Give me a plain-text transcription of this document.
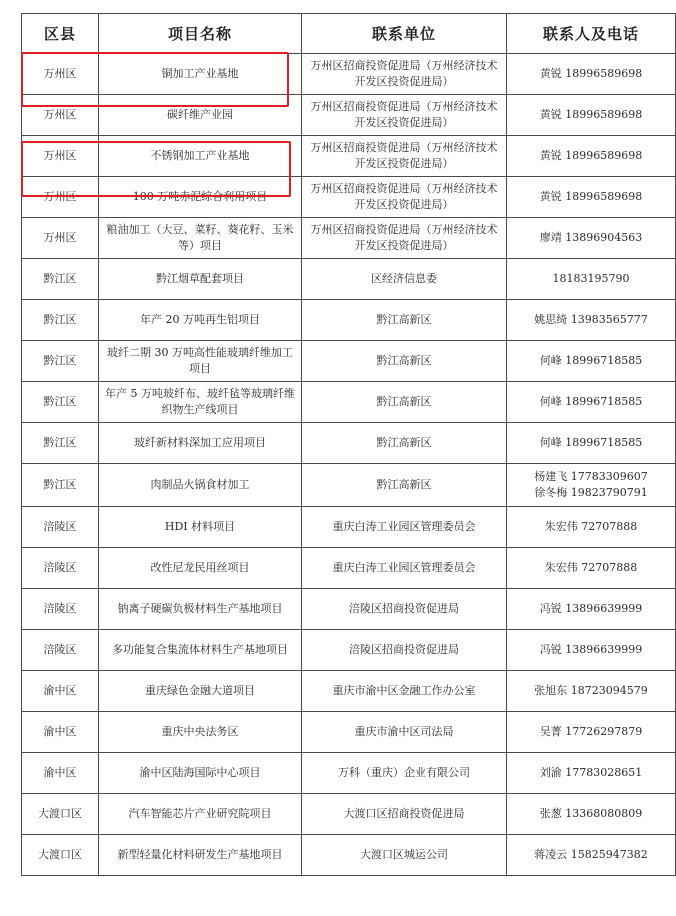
区县	项目名称	联系单位	联系人及电话
万州区	铜加工产业基地	万州区招商投资促进局（万州经济技术开发区投资促进局）	黄锐 18996589698

万州区	碳纤维产业园	万州区招商投资促进局（万州经济技术开发区投资促进局）	黄锐 18996589698

万州区	不锈钢加工产业基地	万州区招商投资促进局（万州经济技术开发区投资促进局）	黄锐 18996589698

万州区	100 万吨赤泥综合利用项目	万州区招商投资促进局（万州经济技术开发区投资促进局）	黄锐 18996589698

万州区	粮油加工（大豆、菜籽、葵花籽、玉米等）项目	万州区招商投资促进局（万州经济技术开发区投资促进局）	廖靖 13896904563

黔江区	黔江烟草配套项目	区经济信息委	18183195790

黔江区	年产 20 万吨再生铝项目	黔江高新区	姚思绮 13983565777

黔江区	玻纤二期 30 万吨高性能玻璃纤维加工项目	黔江高新区	何峰 18996718585

黔江区	年产 5 万吨玻纤布、玻纤毡等玻璃纤维织物生产线项目	黔江高新区	何峰 18996718585

黔江区	玻纤新材料深加工应用项目	黔江高新区	何峰 18996718585

黔江区	肉制品火锅食材加工	黔江高新区	杨建飞 17783309607
徐冬梅 19823790791

涪陵区	HDI 材料项目	重庆白涛工业园区管理委员会	朱宏伟 72707888

涪陵区	改性尼龙民用丝项目	重庆白涛工业园区管理委员会	朱宏伟 72707888

涪陵区	钠离子硬碳负极材料生产基地项目	涪陵区招商投资促进局	冯锐 13896639999

涪陵区	多功能复合集流体材料生产基地项目	涪陵区招商投资促进局	冯锐 13896639999

渝中区	重庆绿色金融大道项目	重庆市渝中区金融工作办公室	张旭东 18723094579

渝中区	重庆中央法务区	重庆市渝中区司法局	吴菁 17726297879

渝中区	渝中区陆海国际中心项目	万科（重庆）企业有限公司	刘渝 17783028651

大渡口区	汽车智能芯片产业研究院项目	大渡口区招商投资促进局	张葱 13368080809

大渡口区	新型轻量化材料研发生产基地项目	大渡口区城运公司	蒋凌云 15825947382
